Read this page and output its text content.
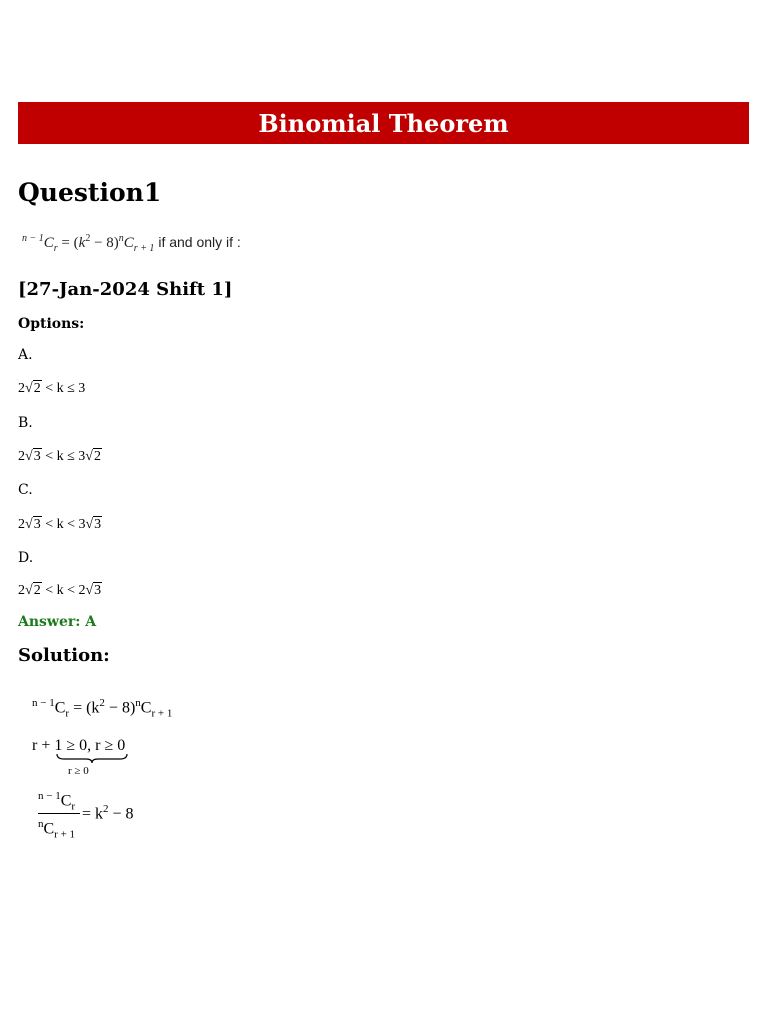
Binomial Theorem
Question1
$^{n - 1}C_r = (k^2 - 8)^nC_{r + 1}$ if and only if :
[27-Jan-2024 Shift 1]
Options:
A.
2√2 < k ≤ 3
B.
2√3 < k ≤ 3√2
C.
2√3 < k < 3√3
D.
2√2 < k < 2√3
Answer: A
Solution:
$^{n - 1}C_r = (k^2 - 8)^nC_{r + 1}$
r + 1 ≥ 0, r ≥ 0
r ≥ 0
$^{n - 1}C_r$
$^nC_{r + 1}$
= $k^2 - 8$
